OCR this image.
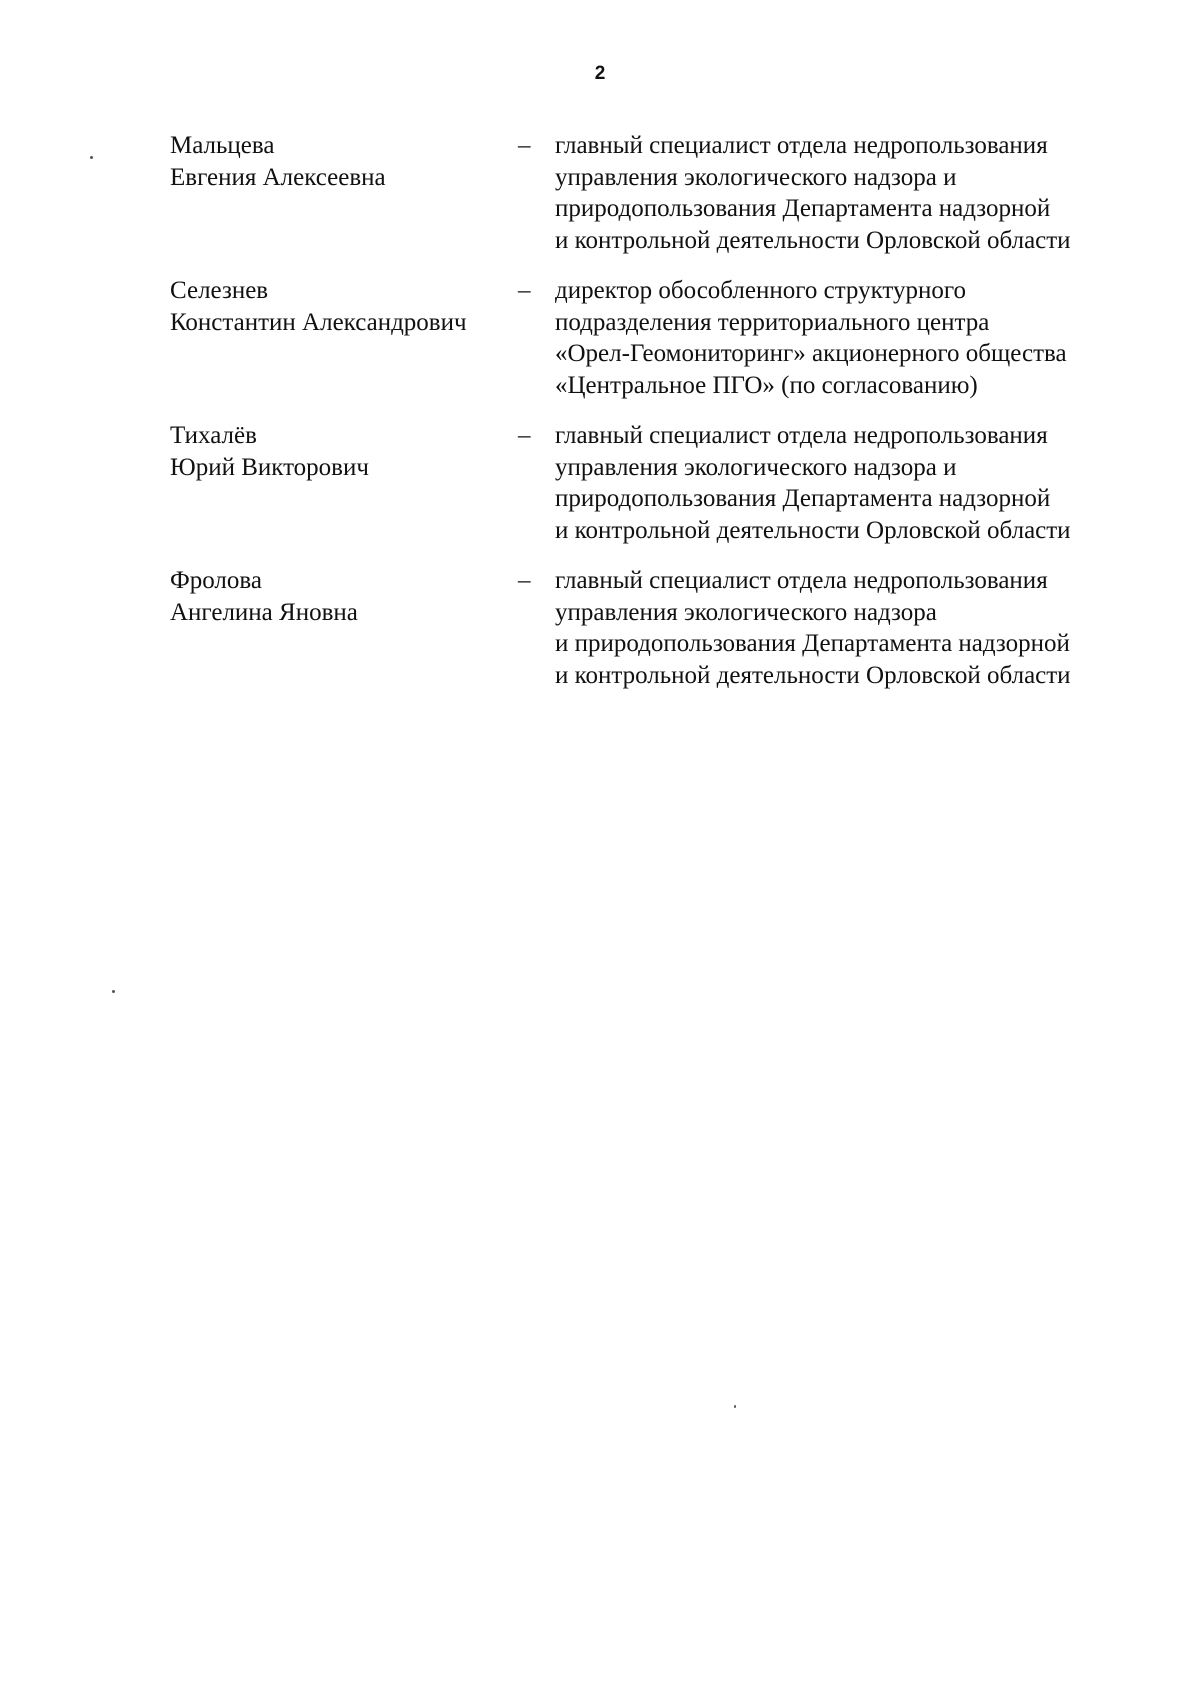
2
Мальцева
Евгения Алексеевна
– главный специалист отдела недропользования
управления экологического надзора и
природопользования Департамента надзорной
и контрольной деятельности Орловской области
Селезнев
Константин Александрович
– директор обособленного структурного
подразделения территориального центра
«Орел-Геомониторинг» акционерного общества
«Центральное ПГО» (по согласованию)
Тихалёв
Юрий Викторович
– главный специалист отдела недропользования
управления экологического надзора и
природопользования Департамента надзорной
и контрольной деятельности Орловской области
Фролова
Ангелина Яновна
– главный специалист отдела недропользования
управления экологического надзора
и природопользования Департамента надзорной
и контрольной деятельности Орловской области
